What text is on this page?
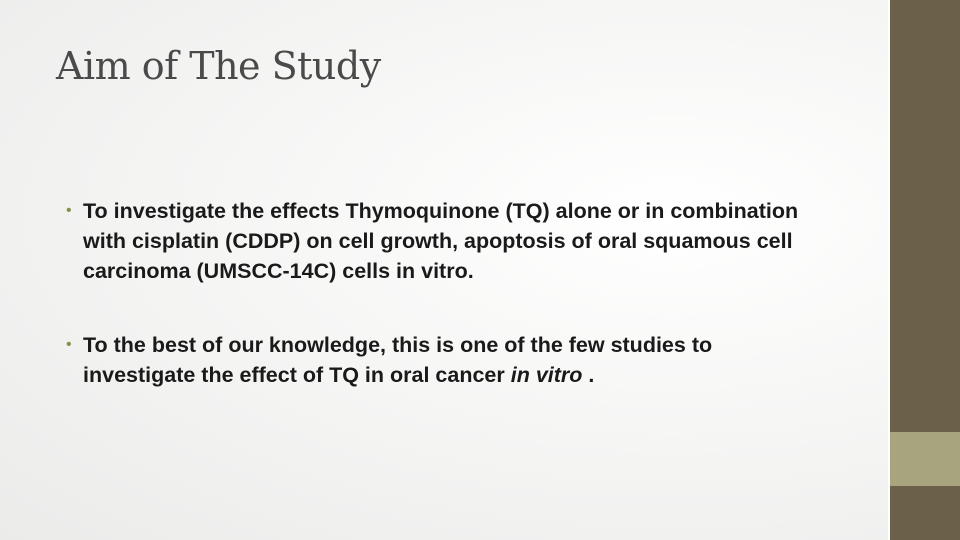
Aim of The Study
• To investigate the effects Thymoquinone (TQ) alone or in combination with cisplatin (CDDP) on cell growth, apoptosis of oral squamous cell carcinoma (UMSCC-14C) cells in vitro.
• To the best of our knowledge, this is one of the few studies to investigate the effect of TQ in oral cancer in vitro .
